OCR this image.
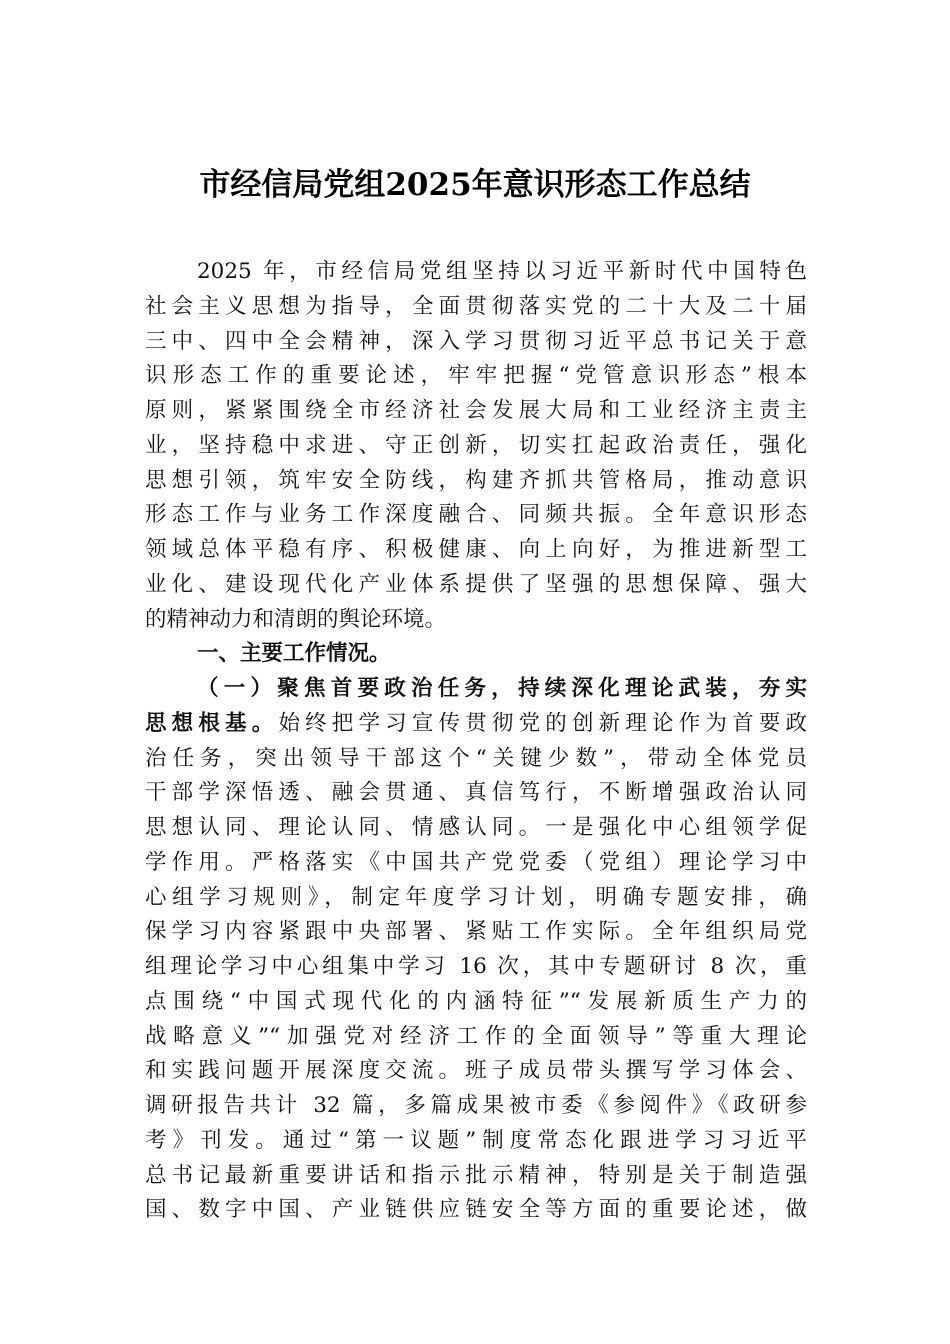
市经信局党组2025年意识形态工作总结
2025 年，市经信局党组坚持以习近平新时代中国特色
社会主义思想为指导，全面贯彻落实党的二十大及二十届
三中、四中全会精神，深入学习贯彻习近平总书记关于意
识形态工作的重要论述，牢牢把握“党管意识形态”根本
原则，紧紧围绕全市经济社会发展大局和工业经济主责主
业，坚持稳中求进、守正创新，切实扛起政治责任，强化
思想引领，筑牢安全防线，构建齐抓共管格局，推动意识
形态工作与业务工作深度融合、同频共振。全年意识形态
领域总体平稳有序、积极健康、向上向好，为推进新型工
业化、建设现代化产业体系提供了坚强的思想保障、强大
的精神动力和清朗的舆论环境。
一、主要工作情况。
（一）聚焦首要政治任务，持续深化理论武装，夯实
思想根基。始终把学习宣传贯彻党的创新理论作为首要政
治任务，突出领导干部这个“关键少数”，带动全体党员
干部学深悟透、融会贯通、真信笃行，不断增强政治认同
思想认同、理论认同、情感认同。一是强化中心组领学促
学作用。严格落实《中国共产党党委（党组）理论学习中
心组学习规则》，制定年度学习计划，明确专题安排，确
保学习内容紧跟中央部署、紧贴工作实际。全年组织局党
组理论学习中心组集中学习 16 次，其中专题研讨 8 次，重
点围绕“中国式现代化的内涵特征”“发展新质生产力的
战略意义”“加强党对经济工作的全面领导”等重大理论
和实践问题开展深度交流。班子成员带头撰写学习体会、
调研报告共计 32 篇，多篇成果被市委《参阅件》《政研参
考》刊发。通过“第一议题”制度常态化跟进学习习近平
总书记最新重要讲话和指示批示精神，特别是关于制造强
国、数字中国、产业链供应链安全等方面的重要论述，做
